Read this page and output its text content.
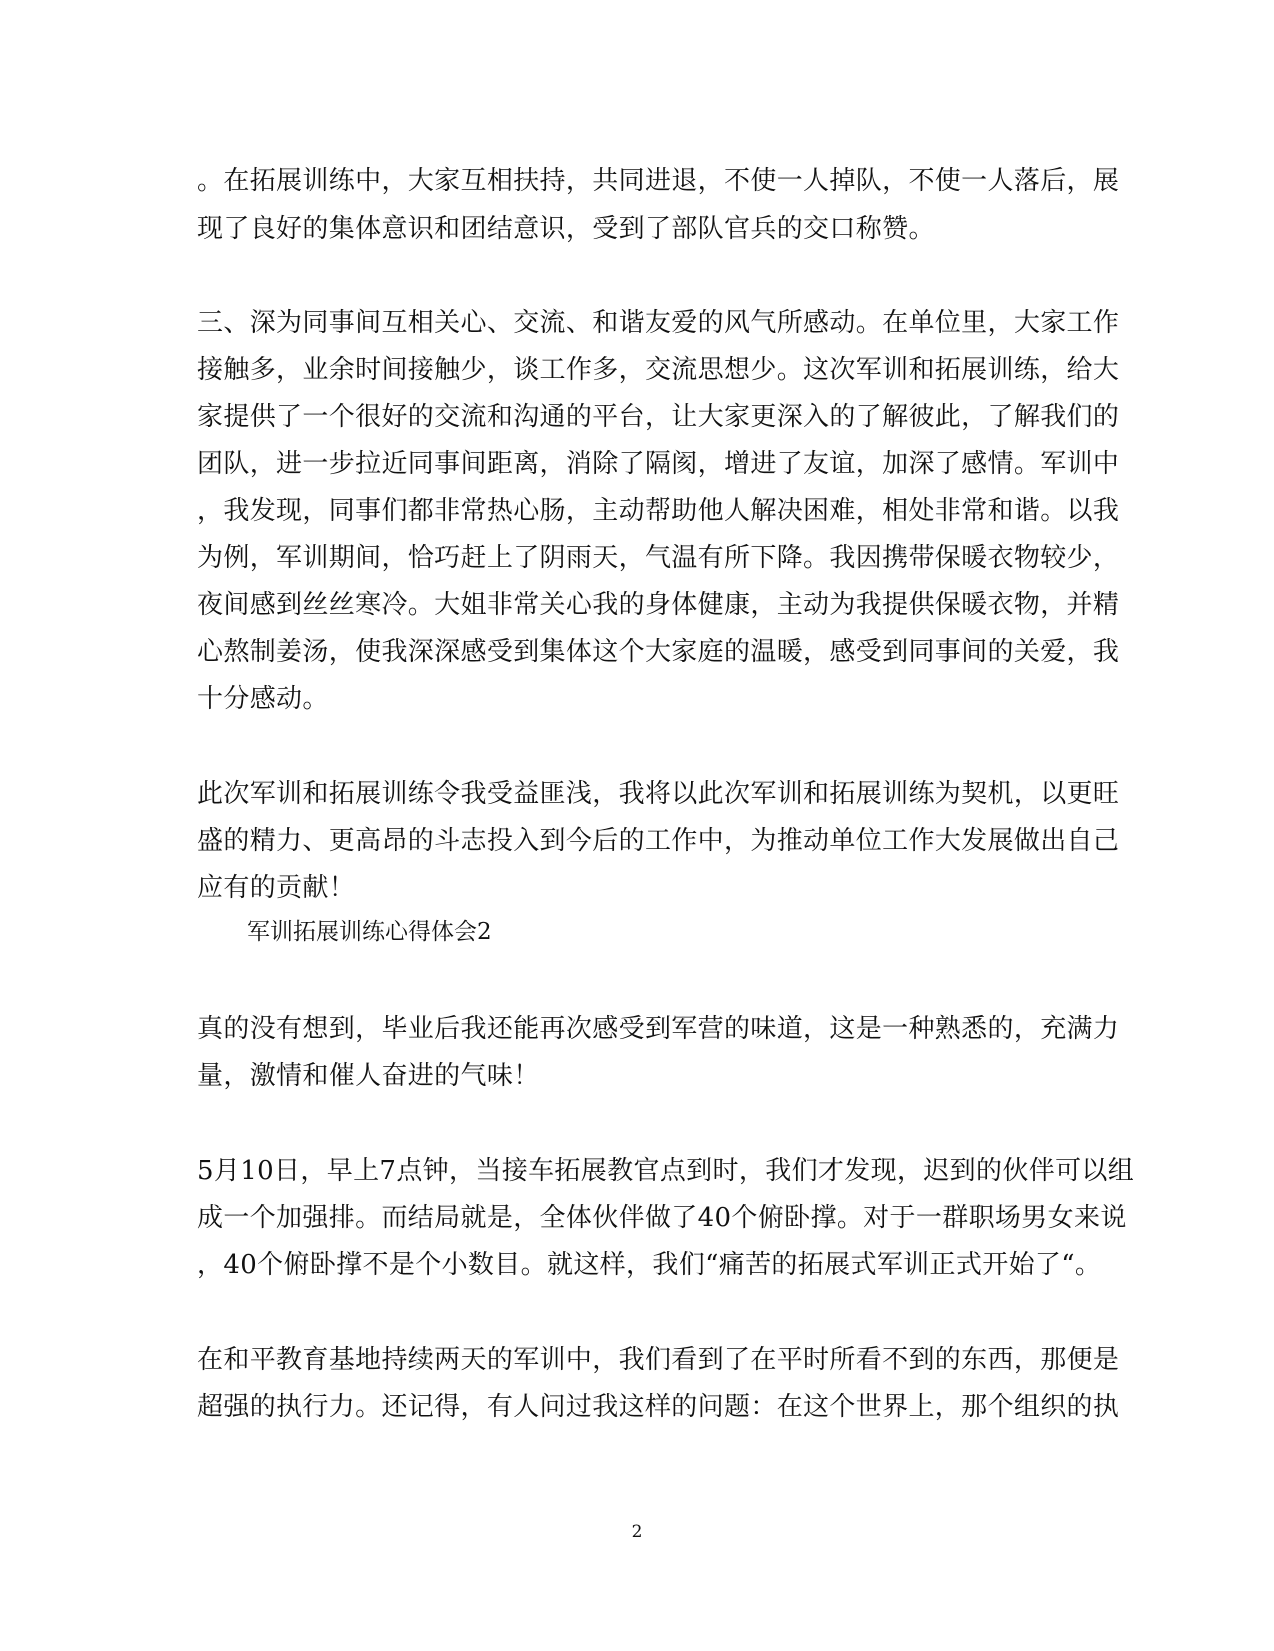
。在拓展训练中，大家互相扶持，共同进退，不使一人掉队，不使一人落后，展
现了良好的集体意识和团结意识，受到了部队官兵的交口称赞。
三、深为同事间互相关心、交流、和谐友爱的风气所感动。在单位里，大家工作
接触多，业余时间接触少，谈工作多，交流思想少。这次军训和拓展训练，给大
家提供了一个很好的交流和沟通的平台，让大家更深入的了解彼此，了解我们的
团队，进一步拉近同事间距离，消除了隔阂，增进了友谊，加深了感情。军训中
，我发现，同事们都非常热心肠，主动帮助他人解决困难，相处非常和谐。以我
为例，军训期间，恰巧赶上了阴雨天，气温有所下降。我因携带保暖衣物较少，
夜间感到丝丝寒冷。大姐非常关心我的身体健康，主动为我提供保暖衣物，并精
心熬制姜汤，使我深深感受到集体这个大家庭的温暖，感受到同事间的关爱，我
十分感动。
此次军训和拓展训练令我受益匪浅，我将以此次军训和拓展训练为契机，以更旺
盛的精力、更高昂的斗志投入到今后的工作中，为推动单位工作大发展做出自己
应有的贡献！
军训拓展训练心得体会2
真的没有想到，毕业后我还能再次感受到军营的味道，这是一种熟悉的，充满力
量，激情和催人奋进的气味！
5月10日，早上7点钟，当接车拓展教官点到时，我们才发现，迟到的伙伴可以组
成一个加强排。而结局就是，全体伙伴做了40个俯卧撑。对于一群职场男女来说
，40个俯卧撑不是个小数目。就这样，我们“痛苦的拓展式军训正式开始了“。
在和平教育基地持续两天的军训中，我们看到了在平时所看不到的东西，那便是
超强的执行力。还记得，有人问过我这样的问题：在这个世界上，那个组织的执
2
